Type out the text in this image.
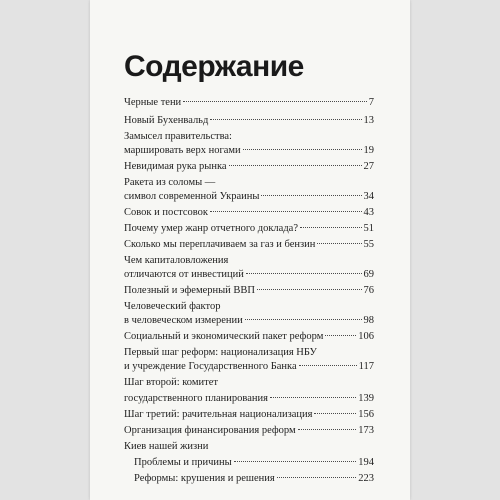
Содержание
Черные тени	7
Новый Бухенвальд	13
Замысел правительства:
маршировать верх ногами	19
Невидимая рука рынка	27
Ракета из соломы —
символ современной Украины	34
Совок и постсовок	43
Почему умер жанр отчетного доклада?	51
Сколько мы переплачиваем за газ и бензин	55
Чем капиталовложения
отличаются от инвестиций	69
Полезный и эфемерный ВВП	76
Человеческий фактор
в человеческом измерении	98
Социальный и экономический пакет реформ	106
Первый шаг реформ: национализация НБУ
и учреждение Государственного Банка	117
Шаг второй: комитет
государственного планирования	139
Шаг третий: рачительная национализация	156
Организация финансирования реформ	173
Киев нашей жизни
Проблемы и причины	194
Реформы: крушения и решения	223
